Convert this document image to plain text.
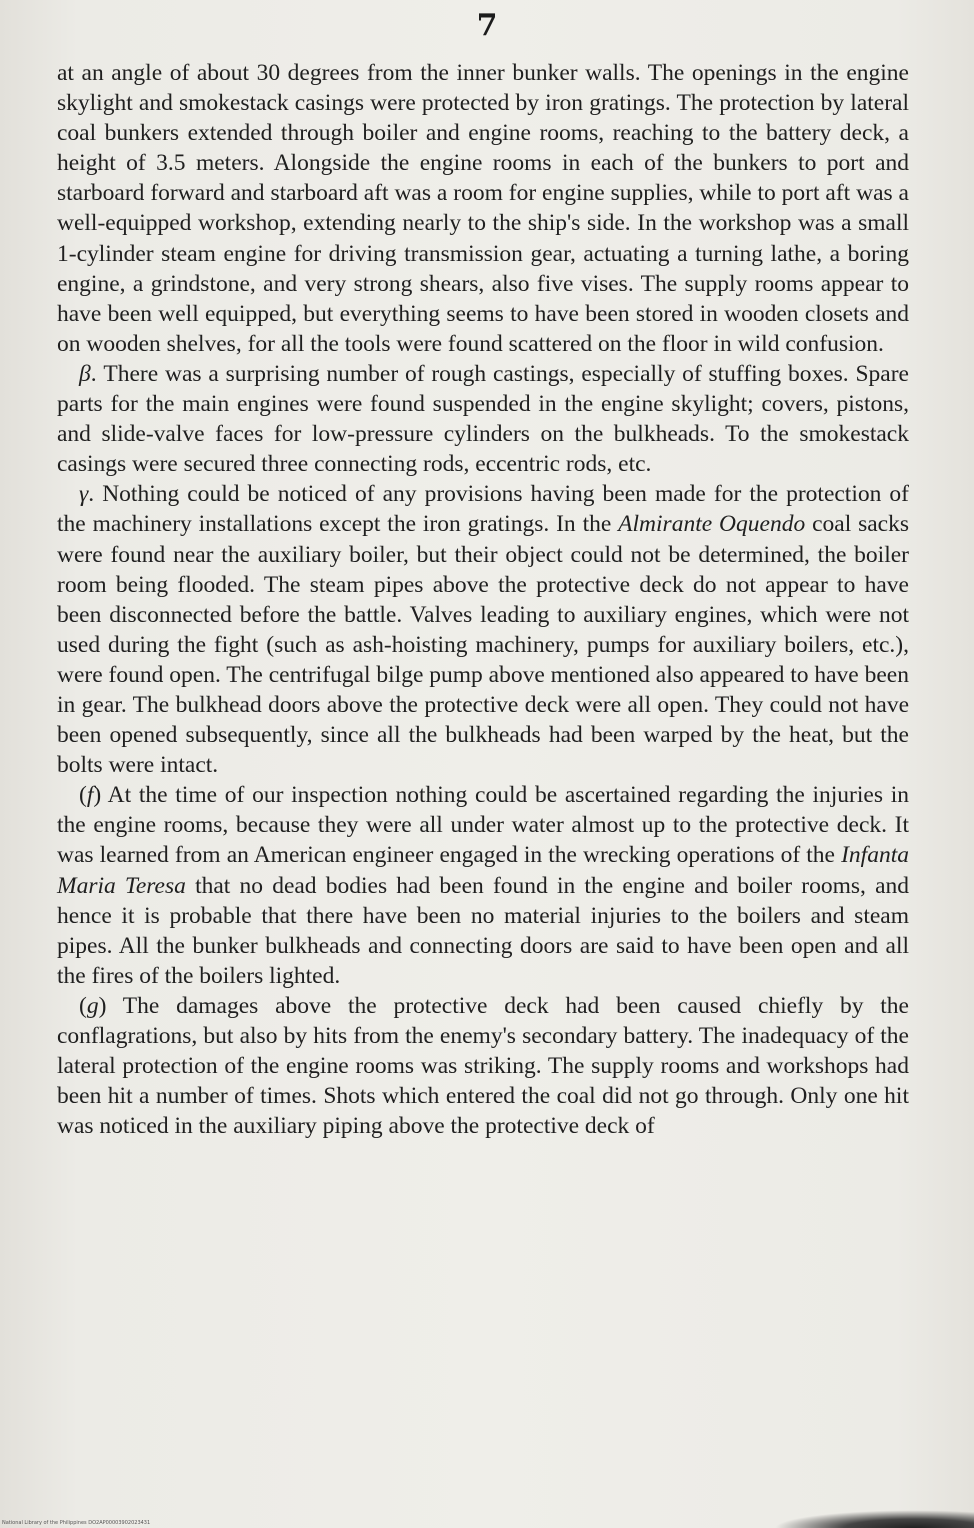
7

at an angle of about 30 degrees from the inner bunker walls. The openings in the engine skylight and smokestack casings were protected by iron gratings. The protection by lateral coal bunkers extended through boiler and engine rooms, reaching to the battery deck, a height of 3.5 meters. Alongside the engine rooms in each of the bunkers to port and starboard forward and starboard aft was a room for engine supplies, while to port aft was a well-equipped workshop, extending nearly to the ship's side. In the workshop was a small 1-cylinder steam engine for driving transmission gear, actuating a turning lathe, a boring engine, a grindstone, and very strong shears, also five vises. The supply rooms appear to have been well equipped, but everything seems to have been stored in wooden closets and on wooden shelves, for all the tools were found scattered on the floor in wild confusion.

β. There was a surprising number of rough castings, especially of stuffing boxes. Spare parts for the main engines were found suspended in the engine skylight; covers, pistons, and slide-valve faces for low-pressure cylinders on the bulkheads. To the smokestack casings were secured three connecting rods, eccentric rods, etc.

γ. Nothing could be noticed of any provisions having been made for the protection of the machinery installations except the iron gratings. In the Almirante Oquendo coal sacks were found near the auxiliary boiler, but their object could not be determined, the boiler room being flooded. The steam pipes above the protective deck do not appear to have been disconnected before the battle. Valves leading to auxiliary engines, which were not used during the fight (such as ash-hoisting machinery, pumps for auxiliary boilers, etc.), were found open. The centrifugal bilge pump above mentioned also appeared to have been in gear. The bulkhead doors above the protective deck were all open. They could not have been opened subsequently, since all the bulkheads had been warped by the heat, but the bolts were intact.

(f) At the time of our inspection nothing could be ascertained regarding the injuries in the engine rooms, because they were all under water almost up to the protective deck. It was learned from an American engineer engaged in the wrecking operations of the Infanta Maria Teresa that no dead bodies had been found in the engine and boiler rooms, and hence it is probable that there have been no material injuries to the boilers and steam pipes. All the bunker bulkheads and connecting doors are said to have been open and all the fires of the boilers lighted.

(g) The damages above the protective deck had been caused chiefly by the conflagrations, but also by hits from the enemy's secondary battery. The inadequacy of the lateral protection of the engine rooms was striking. The supply rooms and workshops had been hit a number of times. Shots which entered the coal did not go through. Only one hit was noticed in the auxiliary piping above the protective deck of

National Library of the Philippines DO2AP00003902023431
